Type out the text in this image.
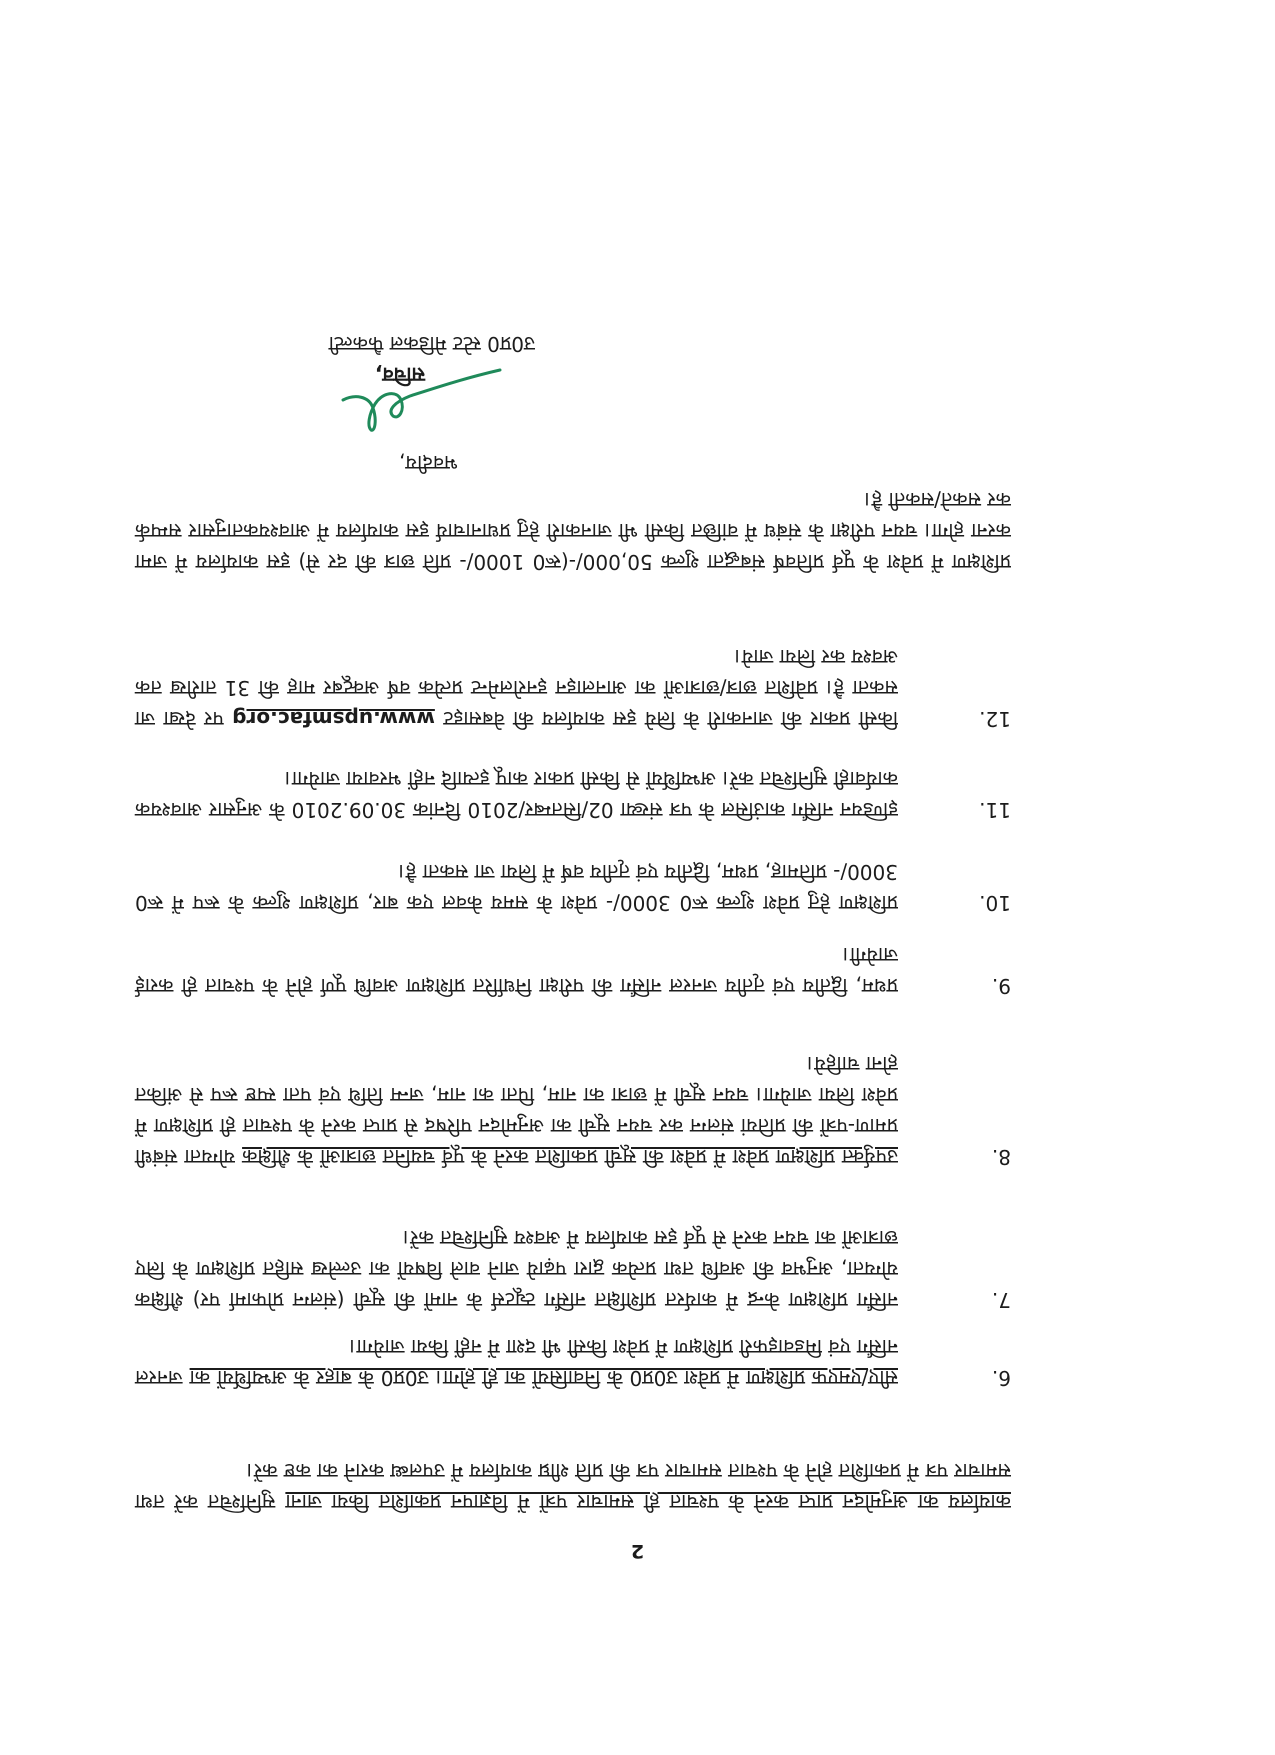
2
कार्यालय का अनुमोदन प्राप्त करने के पश्चात ही समाचार पत्रों में विज्ञापन प्रकाशित किया जाना सुनिश्चित करें तथा समाचार पत्र में प्रकाशित होने के पश्चात समाचार पत्र की प्रति शीघ्र कार्यालय में उपलब्ध कराने का कष्ट करें।
6.
सीए/एमएफ प्रशिक्षण में प्रवेश उ0प्र0 के निवासियों का ही होगा। उ0प्र0 के बाहर के अभ्यर्थियों का जनरल नर्सिंग एवं मिडवाइफरी प्रशिक्षण में प्रवेश किसी भी दशा में नहीं किया जायेगा।
7.
नर्सिंग प्रशिक्षण केन्द्र में कार्यरत प्रशिक्षित नर्सिंग ट्यूटर्स के नामों की सूची (संलग्न प्रोफार्मा पर) शैक्षिक योग्यता, अनुभव की अवधि तथा प्रत्येक द्वारा पढ़ाये जाने वाले विषयों का उल्लेख सहित प्रशिक्षण के लिए छात्राओं का चयन करने से पूर्व इस कार्यालय में अवश्य सुनिश्चित करें।
8.
उपर्युक्त प्रशिक्षण प्रवेश में प्रवेश की सूची प्रकाशित करने के पूर्व चयनित छात्राओं के शैक्षिक योग्यता संबंधी प्रमाण-पत्रों की प्रतियां संलग्न कर चयन सूची का अनुमोदन परिषद से प्राप्त करने के पश्चात ही प्रशिक्षण में प्रवेश लिया जायेगा। चयन सूची में छात्रा का नाम, पिता का नाम, जन्म तिथि एवं पता स्पष्ट रूप से अंकित होना चाहिये।
9.
प्रथम, द्वितीय एवं तृतीय जनरल नर्सिंग की परीक्षा निर्धारित प्रशिक्षण अवधि पूर्ण होने के पश्चात ही कराई जायेगी।
10.
प्रशिक्षण हेतु प्रवेश शुल्क रू0 3000/- प्रवेश के समय केवल एक बार, प्रशिक्षण शुल्क के रूप में रू0 3000/- प्रतिमाह, प्रथम, द्वितीय एवं तृतीय वर्ष में लिया जा सकता है।
11.
इण्डियन नर्सिंग काउंसिल के पत्र संख्या 02/सितम्बर/2010 दिनांक 30.09.2010 के अनुसार आवश्यक कार्यवाही सुनिश्चित करें। अभ्यर्थियों से किसी प्रकार कापू इत्यादि नहीं भरवाया जायेगा।
12.
किसी प्रकार की जानकारी के लिये इस कार्यालय की वेबसाइट www.upsmfac.org पर देखा जा सकता है। प्रवेशित छात्र/छात्राओं का आनलाइन इनरोलमेन्ट प्रत्येक वर्ष अक्टूबर माह की 31 तारीख तक अवश्य कर लिया जाये।
प्रशिक्षण में प्रवेश के पूर्व प्रतिवर्ष संबद्धता शुल्क 50,000/-(रू0 1000/- प्रति छात्र की दर से) इस कार्यालय में जमा करना होगा। चयन परीक्षा के संबंध में वांछित किसी भी जानकारी हेतु प्रधानाचार्य इस कार्यालय में आवश्यकतानुसार सम्पर्क कर सकते/सकती है।
भवदीय,
सचिव,
उ0प्र0 स्टेट मेडिकल फैकल्टी
